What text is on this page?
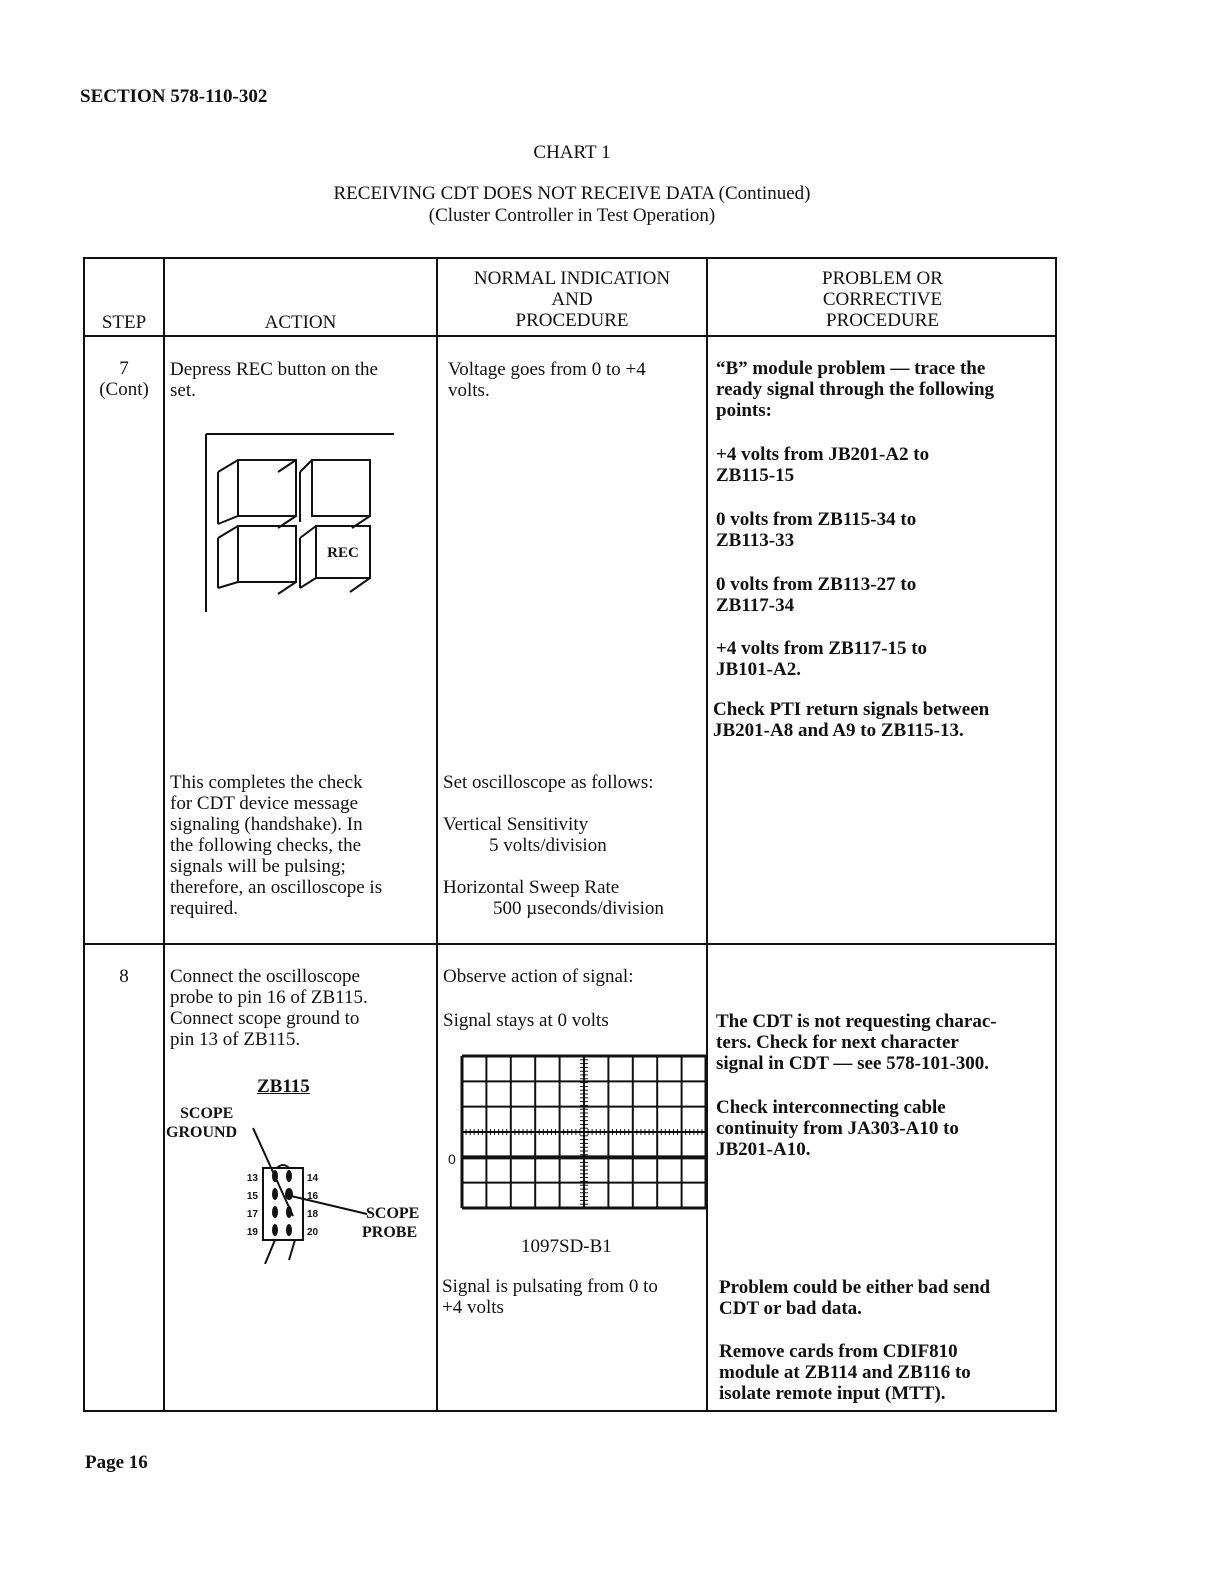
SECTION 578-110-302
CHART 1
RECEIVING CDT DOES NOT RECEIVE DATA (Continued)
(Cluster Controller in Test Operation)
STEP	ACTION
NORMAL INDICATION
AND
PROCEDURE
PROBLEM OR
CORRECTIVE
PROCEDURE
7
(Cont)
Depress REC button on the
set.
REC
Voltage goes from 0 to +4
volts.
“B” module problem — trace the
ready signal through the following
points:
+4 volts from JB201-A2 to
ZB115-15
0 volts from ZB115-34 to
ZB113-33
0 volts from ZB113-27 to
ZB117-34
+4 volts from ZB117-15 to
JB101-A2.
Check PTI return signals between
JB201-A8 and A9 to ZB115-13.
This completes the check
for CDT device message
signaling (handshake). In
the following checks, the
signals will be pulsing;
therefore, an oscilloscope is
required.
Set oscilloscope as follows:
Vertical Sensitivity
5 volts/division
Horizontal Sweep Rate
500 µseconds/division
8	Connect the oscilloscope
probe to pin 16 of ZB115.
Connect scope ground to
pin 13 of ZB115.
ZB115
SCOPE
GROUND
SCOPE
PROBE
13
15
17
19
14
16
18
20
Observe action of signal:
Signal stays at 0 volts
0
1097SD-B1
Signal is pulsating from 0 to
+4 volts
The CDT is not requesting charac-
ters. Check for next character
signal in CDT — see 578-101-300.
Check interconnecting cable
continuity from JA303-A10 to
JB201-A10.
Problem could be either bad send
CDT or bad data.
Remove cards from CDIF810
module at ZB114 and ZB116 to
isolate remote input (MTT).
Page 16
